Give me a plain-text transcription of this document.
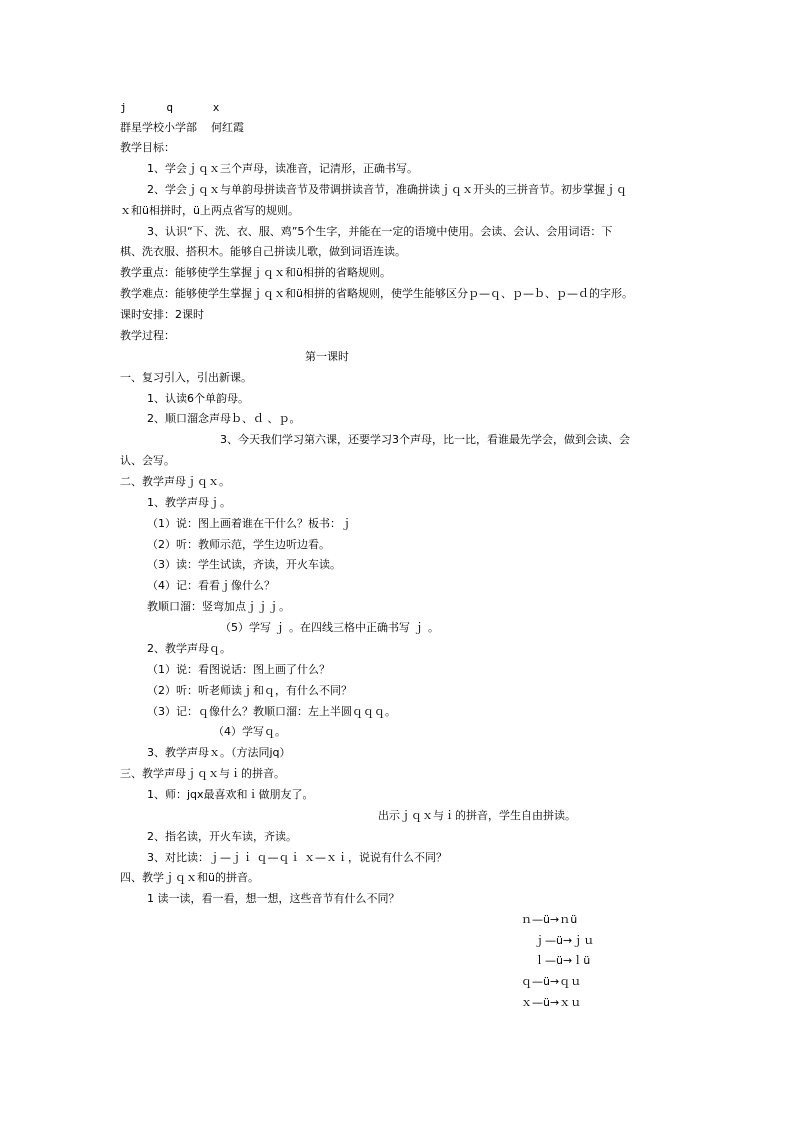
j      q      x
群星学校小学部    何红霞
教学目标：
1、学会ｊｑｘ三个声母，读准音，记清形，正确书写。
2、学会ｊｑｘ与单韵母拼读音节及带调拼读音节，准确拼读ｊｑｘ开头的三拼音节。初步掌握ｊｑ
ｘ和ü相拼时，ü上两点省写的规则。
3、认识“下、洗、衣、服、鸡”5个生字，并能在一定的语境中使用。会读、会认、会用词语：下
棋、洗衣服、搭积木。能够自己拼读儿歌，做到词语连读。
教学重点：能够使学生掌握ｊｑｘ和ü相拼的省略规则。
教学难点：能够使学生掌握ｊｑｘ和ü相拼的省略规则，使学生能够区分ｐ—ｑ、ｐ—ｂ、ｐ—ｄ的字形。
课时安排：2课时
教学过程：
第一课时
一、复习引入，引出新课。
1、认读6个单韵母。
2、顺口溜念声母ｂ、ｄ 、ｐ。
3、今天我们学习第六课，还要学习3个声母，比一比，看谁最先学会，做到会读、会
认、会写。
二、教学声母ｊｑｘ。
1、教学声母ｊ。
（1）说：图上画着谁在干什么？板书：ｊ
（2）听：教师示范，学生边听边看。
（3）读：学生试读，齐读，开火车读。
（4）记：看看ｊ像什么？
教顺口溜：竖弯加点ｊｊｊ。
（5）学写 ｊ 。在四线三格中正确书写 ｊ 。
2、教学声母ｑ。
（1）说：看图说话：图上画了什么？
（2）听：听老师读ｊ和ｑ，有什么不同？
（3）记：ｑ像什么？教顺口溜：左上半圆ｑｑｑ。
（4）学写ｑ。
3、教学声母ｘ。（方法同jq）
三、教学声母ｊｑｘ与ｉ的拼音。
1、师：jqx最喜欢和ｉ做朋友了。
出示ｊｑｘ与ｉ的拼音，学生自由拼读。
2、指名读，开火车读，齐读。
3、对比读：ｊ—ｊｉ ｑ—ｑｉ ｘ—ｘｉ，说说有什么不同？
四、教学ｊｑｘ和ü的拼音。
1 读一读，看一看，想一想，这些音节有什么不同？
ｎ—ü→ｎü
ｊ—ü→ｊｕ
ｌ—ü→ｌü
ｑ—ü→ｑｕ
ｘ—ü→ｘｕ
